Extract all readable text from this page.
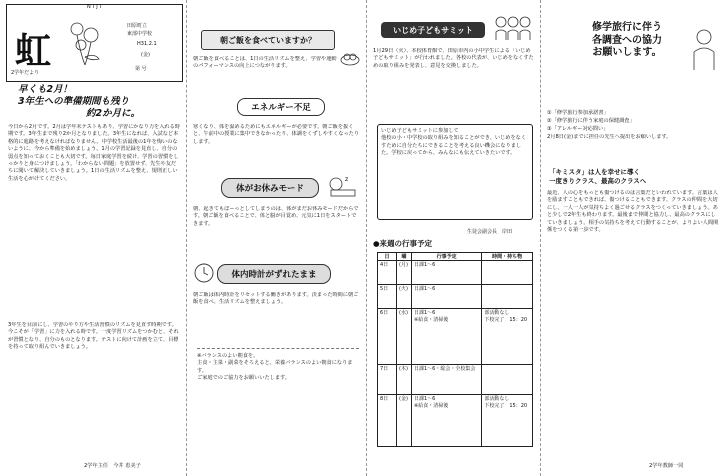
NIJI
虹
2学年だより
田原町立
東部中学校
H31.2.1
(金)
第 号
早くも2月！
3年生への準備期間も残り
約2か月に。
今日から2月です。2月は学年末テストもあり、学習にかなり力を入れる時期です。3年生まで残り2か月となりました。3年生になれば、入試など本格的に進路を考えなければなりません。中学校生活最後の1年を悔いのないように、今から準備を始めましょう。1月の学習記録を見直し、自分の弱点を知っておくことも大切です。毎日家庭学習を続け、学習の習慣をしっかりと身につけましょう。「わからない問題」を放置せず、先生や友だちに聞いて解決していきましょう。1日の生活リズムを整え、規則正しい生活を心がけてください。
3年生を目前にし、学習のやり方や生活習慣のリズムを見直す時期です。今こそが「学習」に力を入れる時です。一度学習リズムをつかむと、それが習慣となり、自分のものとなります。テストに向けて計画を立て、目標を持って取り組んでいきましょう。
2学年主任　今井 恵美子
朝ご飯を食べていますか？
朝ご飯を食べることは、1日の生活リズムを整え、学習や運動のパフォーマンスの向上につながります。
エネルギー不足
寒くなり、体を温めるためにもエネルギーが必要です。朝ご飯を抜くと、午前中の授業に集中できなかったり、体調をくずしやすくなったりします。
体がお休みモード
z
朝、起きてもぼーっとしてしまうのは、体がまだお休みモードだからです。朝ご飯を食べることで、体と脳が目覚め、元気に1日をスタートできます。
体内時計がずれたまま
朝ご飯は体内時計をリセットする働きがあります。決まった時間に朝ご飯を食べ、生活リズムを整えましょう。
※バランスのよい朝食を。
主食・主菜・副菜をそろえると、栄養バランスのよい朝食になります。
ご家庭でのご協力をお願いいたします。
いじめ子どもサミット
1月29日（火）、本校体育館で、田原市内の小中学生による「いじめ子どもサミット」が行われました。各校の代表が、いじめをなくすための取り組みを発表し、意見を交換しました。
いじめ子どもサミットに参加して
他校の小・中学校の取り組みを知ることができ、いじめをなくすために自分たちにできることを考える良い機会になりました。学校に戻ってから、みんなにも伝えていきたいです。
生徒会副会長　岸田
●来週の行事予定
日	曜	行事予定	時間・持ち物
4日	(月)	日課1～6	
5日	(火)	日課1～6	
6日	(水)	日課1～6
※給食・清掃後	部活動なし
下校完了　15：20
7日	(木)	日課1～6・総会・全校集会	
8日	(金)	日課1～6
※給食・清掃後	部活動なし
下校完了　15：20
修学旅行に伴う
各調査への協力
お願いします。
①「修学旅行参加承諾書」
②「修学旅行に伴う家庭の保健調査」
③「アレルギー対応問い」
2月8日(金)までに担任の先生へ提出をお願いします。
「キミスタ」は人を幸せに導く
一度きりクラス、最高のクラスへ
最近、人の心をもっとも傷つけるのは言葉だといわれています。言葉は人を励ますこともできれば、傷つけることもできます。クラスの仲間を大切にし、一人一人が気持ちよく過ごせるクラスをつくっていきましょう。あと少しで2年生も終わります。最後まで仲間と協力し、最高のクラスにしていきましょう。相手の気持ちを考えて行動することが、よりよい人間関係をつくる第一歩です。
2学年教師一同
